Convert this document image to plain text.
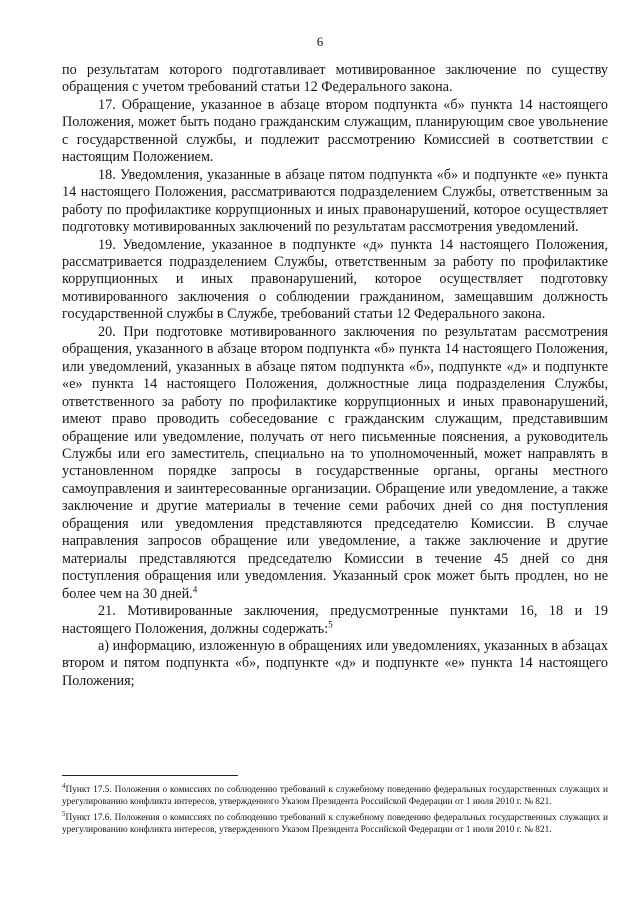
6

по результатам которого подготавливает мотивированное заключение по существу обращения с учетом требований статьи 12 Федерального закона.

17. Обращение, указанное в абзаце втором подпункта «б» пункта 14 настоящего Положения, может быть подано гражданским служащим, планирующим свое увольнение с государственной службы, и подлежит рассмотрению Комиссией в соответствии с настоящим Положением.

18. Уведомления, указанные в абзаце пятом подпункта «б» и подпункте «е» пункта 14 настоящего Положения, рассматриваются подразделением Службы, ответственным за работу по профилактике коррупционных и иных правонарушений, которое осуществляет подготовку мотивированных заключений по результатам рассмотрения уведомлений.

19. Уведомление, указанное в подпункте «д» пункта 14 настоящего Положения, рассматривается подразделением Службы, ответственным за работу по профилактике коррупционных и иных правонарушений, которое осуществляет подготовку мотивированного заключения о соблюдении гражданином, замещавшим должность государственной службы в Службе, требований статьи 12 Федерального закона.

20. При подготовке мотивированного заключения по результатам рассмотрения обращения, указанного в абзаце втором подпункта «б» пункта 14 настоящего Положения, или уведомлений, указанных в абзаце пятом подпункта «б», подпункте «д» и подпункте «е» пункта 14 настоящего Положения, должностные лица подразделения Службы, ответственного за работу по профилактике коррупционных и иных правонарушений, имеют право проводить собеседование с гражданским служащим, представившим обращение или уведомление, получать от него письменные пояснения, а руководитель Службы или его заместитель, специально на то уполномоченный, может направлять в установленном порядке запросы в государственные органы, органы местного самоуправления и заинтересованные организации. Обращение или уведомление, а также заключение и другие материалы в течение семи рабочих дней со дня поступления обращения или уведомления представляются председателю Комиссии. В случае направления запросов обращение или уведомление, а также заключение и другие материалы представляются председателю Комиссии в течение 45 дней со дня поступления обращения или уведомления. Указанный срок может быть продлен, но не более чем на 30 дней.$^4$

21. Мотивированные заключения, предусмотренные пунктами 16, 18 и 19 настоящего Положения, должны содержать:$^5$

а) информацию, изложенную в обращениях или уведомлениях, указанных в абзацах втором и пятом подпункта «б», подпункте «д» и подпункте «е» пункта 14 настоящего Положения;

$^4$Пункт 17.5. Положения о комиссиях по соблюдению требований к служебному поведению федеральных государственных служащих и урегулированию конфликта интересов, утвержденного Указом Президента Российской Федерации от 1 июля 2010 г. № 821.

$^5$Пункт 17.6. Положения о комиссиях по соблюдению требований к служебному поведению федеральных государственных служащих и урегулированию конфликта интересов, утвержденного Указом Президента Российской Федерации от 1 июля 2010 г. № 821.
